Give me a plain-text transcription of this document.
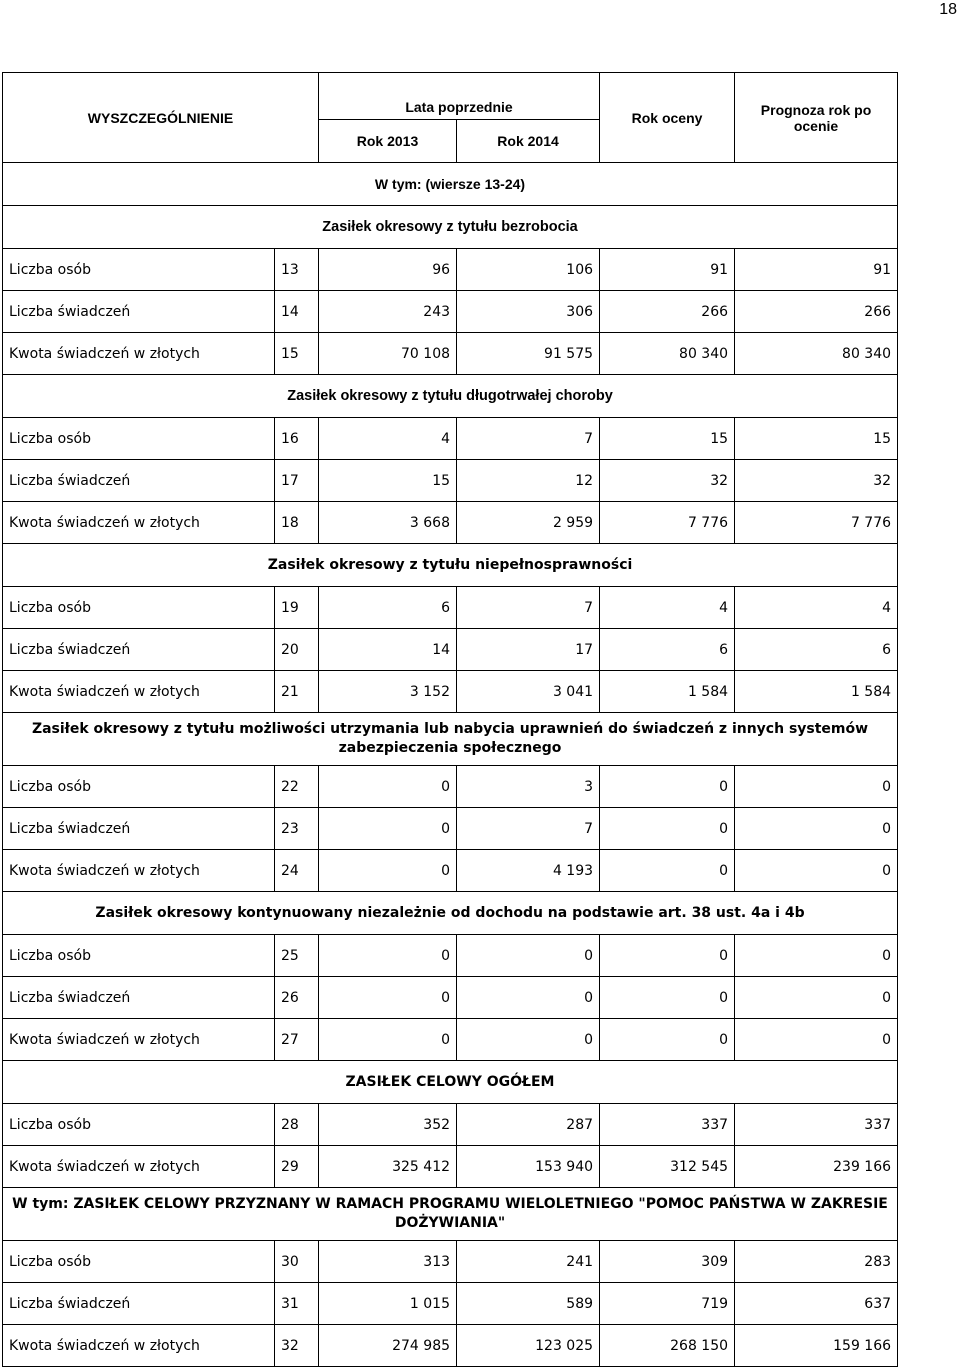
18
WYSZCZEGÓLNIENIE		Lata poprzednie		Rok oceny	Prognoza rok po ocenie
		Rok 2013	Rok 2014		
W tym: (wiersze 13-24)					
Zasiłek okresowy z tytułu bezrobocia					
Liczba osób	13	96	106	91	91
Liczba świadczeń	14	243	306	266	266
Kwota świadczeń w złotych	15	70 108	91 575	80 340	80 340
Zasiłek okresowy z tytułu długotrwałej choroby					
Liczba osób	16	4	7	15	15
Liczba świadczeń	17	15	12	32	32
Kwota świadczeń w złotych	18	3 668	2 959	7 776	7 776
Zasiłek okresowy z tytułu niepełnosprawności					
Liczba osób	19	6	7	4	4
Liczba świadczeń	20	14	17	6	6
Kwota świadczeń w złotych	21	3 152	3 041	1 584	1 584
Zasiłek okresowy z tytułu możliwości utrzymania lub nabycia uprawnień do świadczeń z innych systemów zabezpieczenia społecznego					
Liczba osób	22	0	3	0	0
Liczba świadczeń	23	0	7	0	0
Kwota świadczeń w złotych	24	0	4 193	0	0
Zasiłek okresowy kontynuowany niezależnie od dochodu na podstawie art. 38 ust. 4a i 4b					
Liczba osób	25	0	0	0	0
Liczba świadczeń	26	0	0	0	0
Kwota świadczeń w złotych	27	0	0	0	0
ZASIŁEK CELOWY OGÓŁEM					
Liczba osób	28	352	287	337	337
Kwota świadczeń w złotych	29	325 412	153 940	312 545	239 166
W tym: ZASIŁEK CELOWY PRZYZNANY W RAMACH PROGRAMU WIELOLETNIEGO "POMOC PAŃSTWA W ZAKRESIE DOŻYWIANIA"					
Liczba osób	30	313	241	309	283
Liczba świadczeń	31	1 015	589	719	637
Kwota świadczeń w złotych	32	274 985	123 025	268 150	159 166
